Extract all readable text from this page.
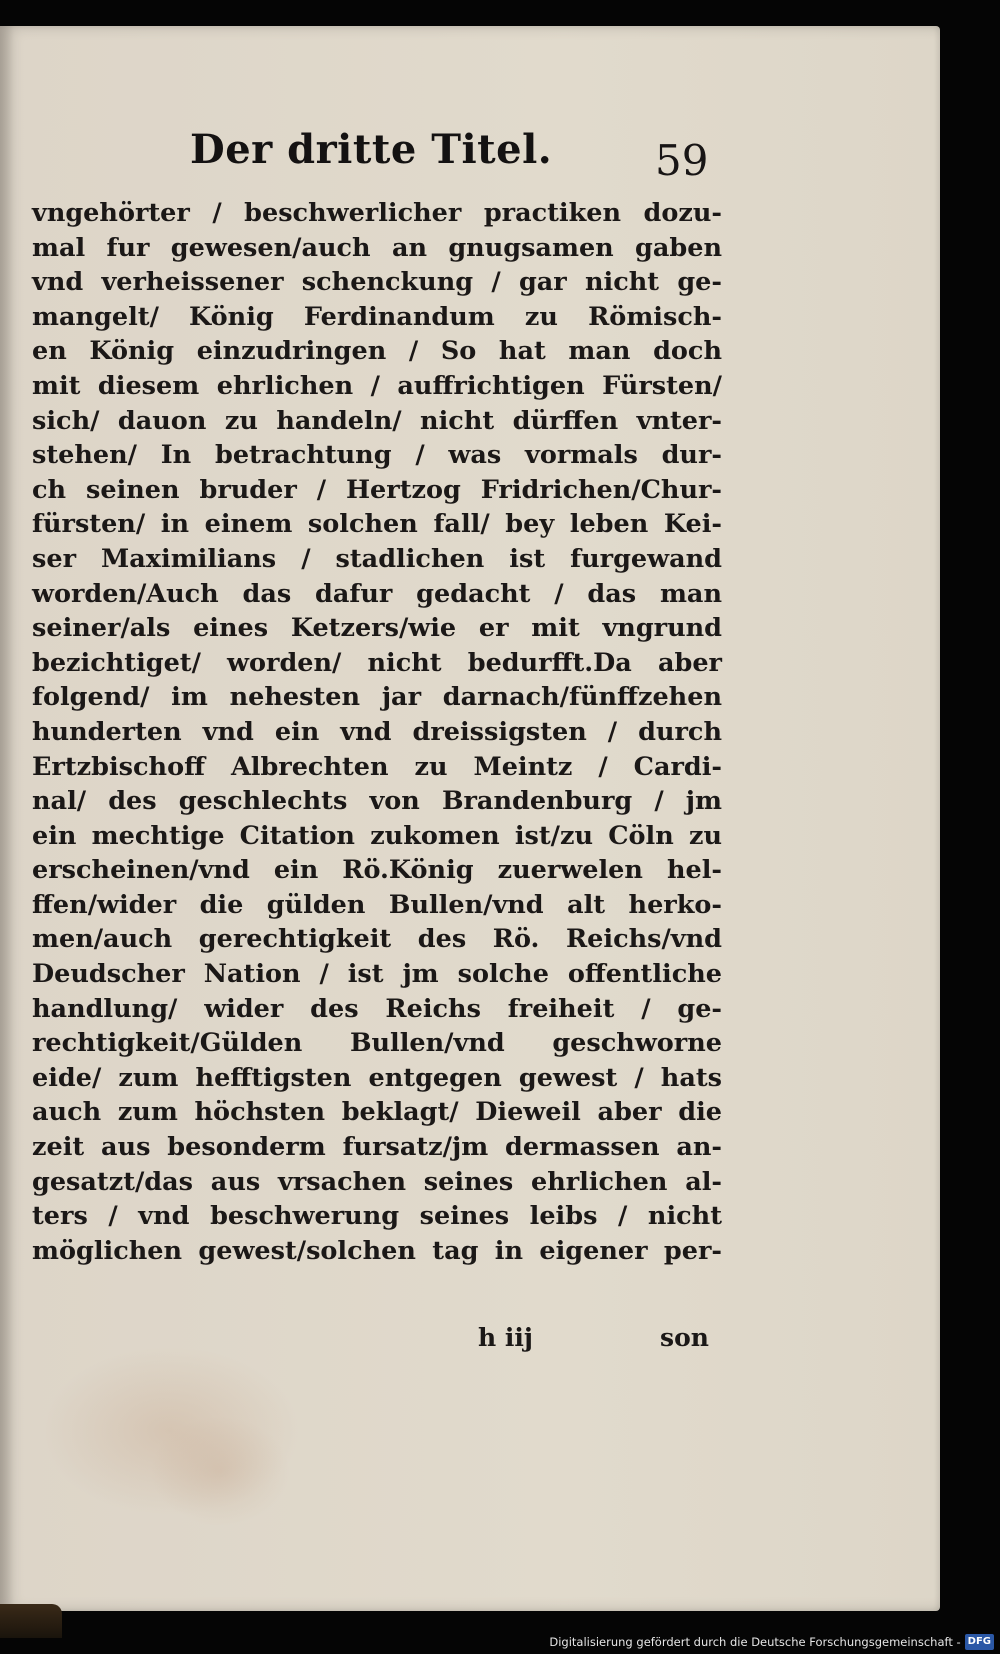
Der dritte Titel. 59
vngehörter / beschwerlicher practiken dozu-
mal fur gewesen/auch an gnugsamen gaben
vnd verheissener schenckung / gar nicht ge-
mangelt/ König Ferdinandum zu Römisch-
en König einzudringen / So hat man doch
mit diesem ehrlichen / auffrichtigen Fürsten/
sich/ dauon zu handeln/ nicht dürffen vnter-
stehen/ In betrachtung / was vormals dur-
ch seinen bruder / Hertzog Fridrichen/Chur-
fürsten/ in einem solchen fall/ bey leben Kei-
ser Maximilians / stadlichen ist furgewand
worden/Auch das dafur gedacht / das man
seiner/als eines Ketzers/wie er mit vngrund
bezichtiget/ worden/ nicht bedurfft.Da aber
folgend/ im nehesten jar darnach/fünffzehen
hunderten vnd ein vnd dreissigsten / durch
Ertzbischoff Albrechten zu Meintz / Cardi-
nal/ des geschlechts von Brandenburg / jm
ein mechtige Citation zukomen ist/zu Cöln zu
erscheinen/vnd ein Rö.König zuerwelen hel-
ffen/wider die gülden Bullen/vnd alt herko-
men/auch gerechtigkeit des Rö. Reichs/vnd
Deudscher Nation / ist jm solche offentliche
handlung/ wider des Reichs freiheit / ge-
rechtigkeit/Gülden Bullen/vnd geschworne
eide/ zum hefftigsten entgegen gewest / hats
auch zum höchsten beklagt/ Dieweil aber die
zeit aus besonderm fursatz/jm dermassen an-
gesatzt/das aus vrsachen seines ehrlichen al-
ters / vnd beschwerung seines leibs / nicht
möglichen gewest/solchen tag in eigener per-
h iij	son
Digitalisierung gefördert durch die Deutsche Forschungsgemeinschaft - DFG
